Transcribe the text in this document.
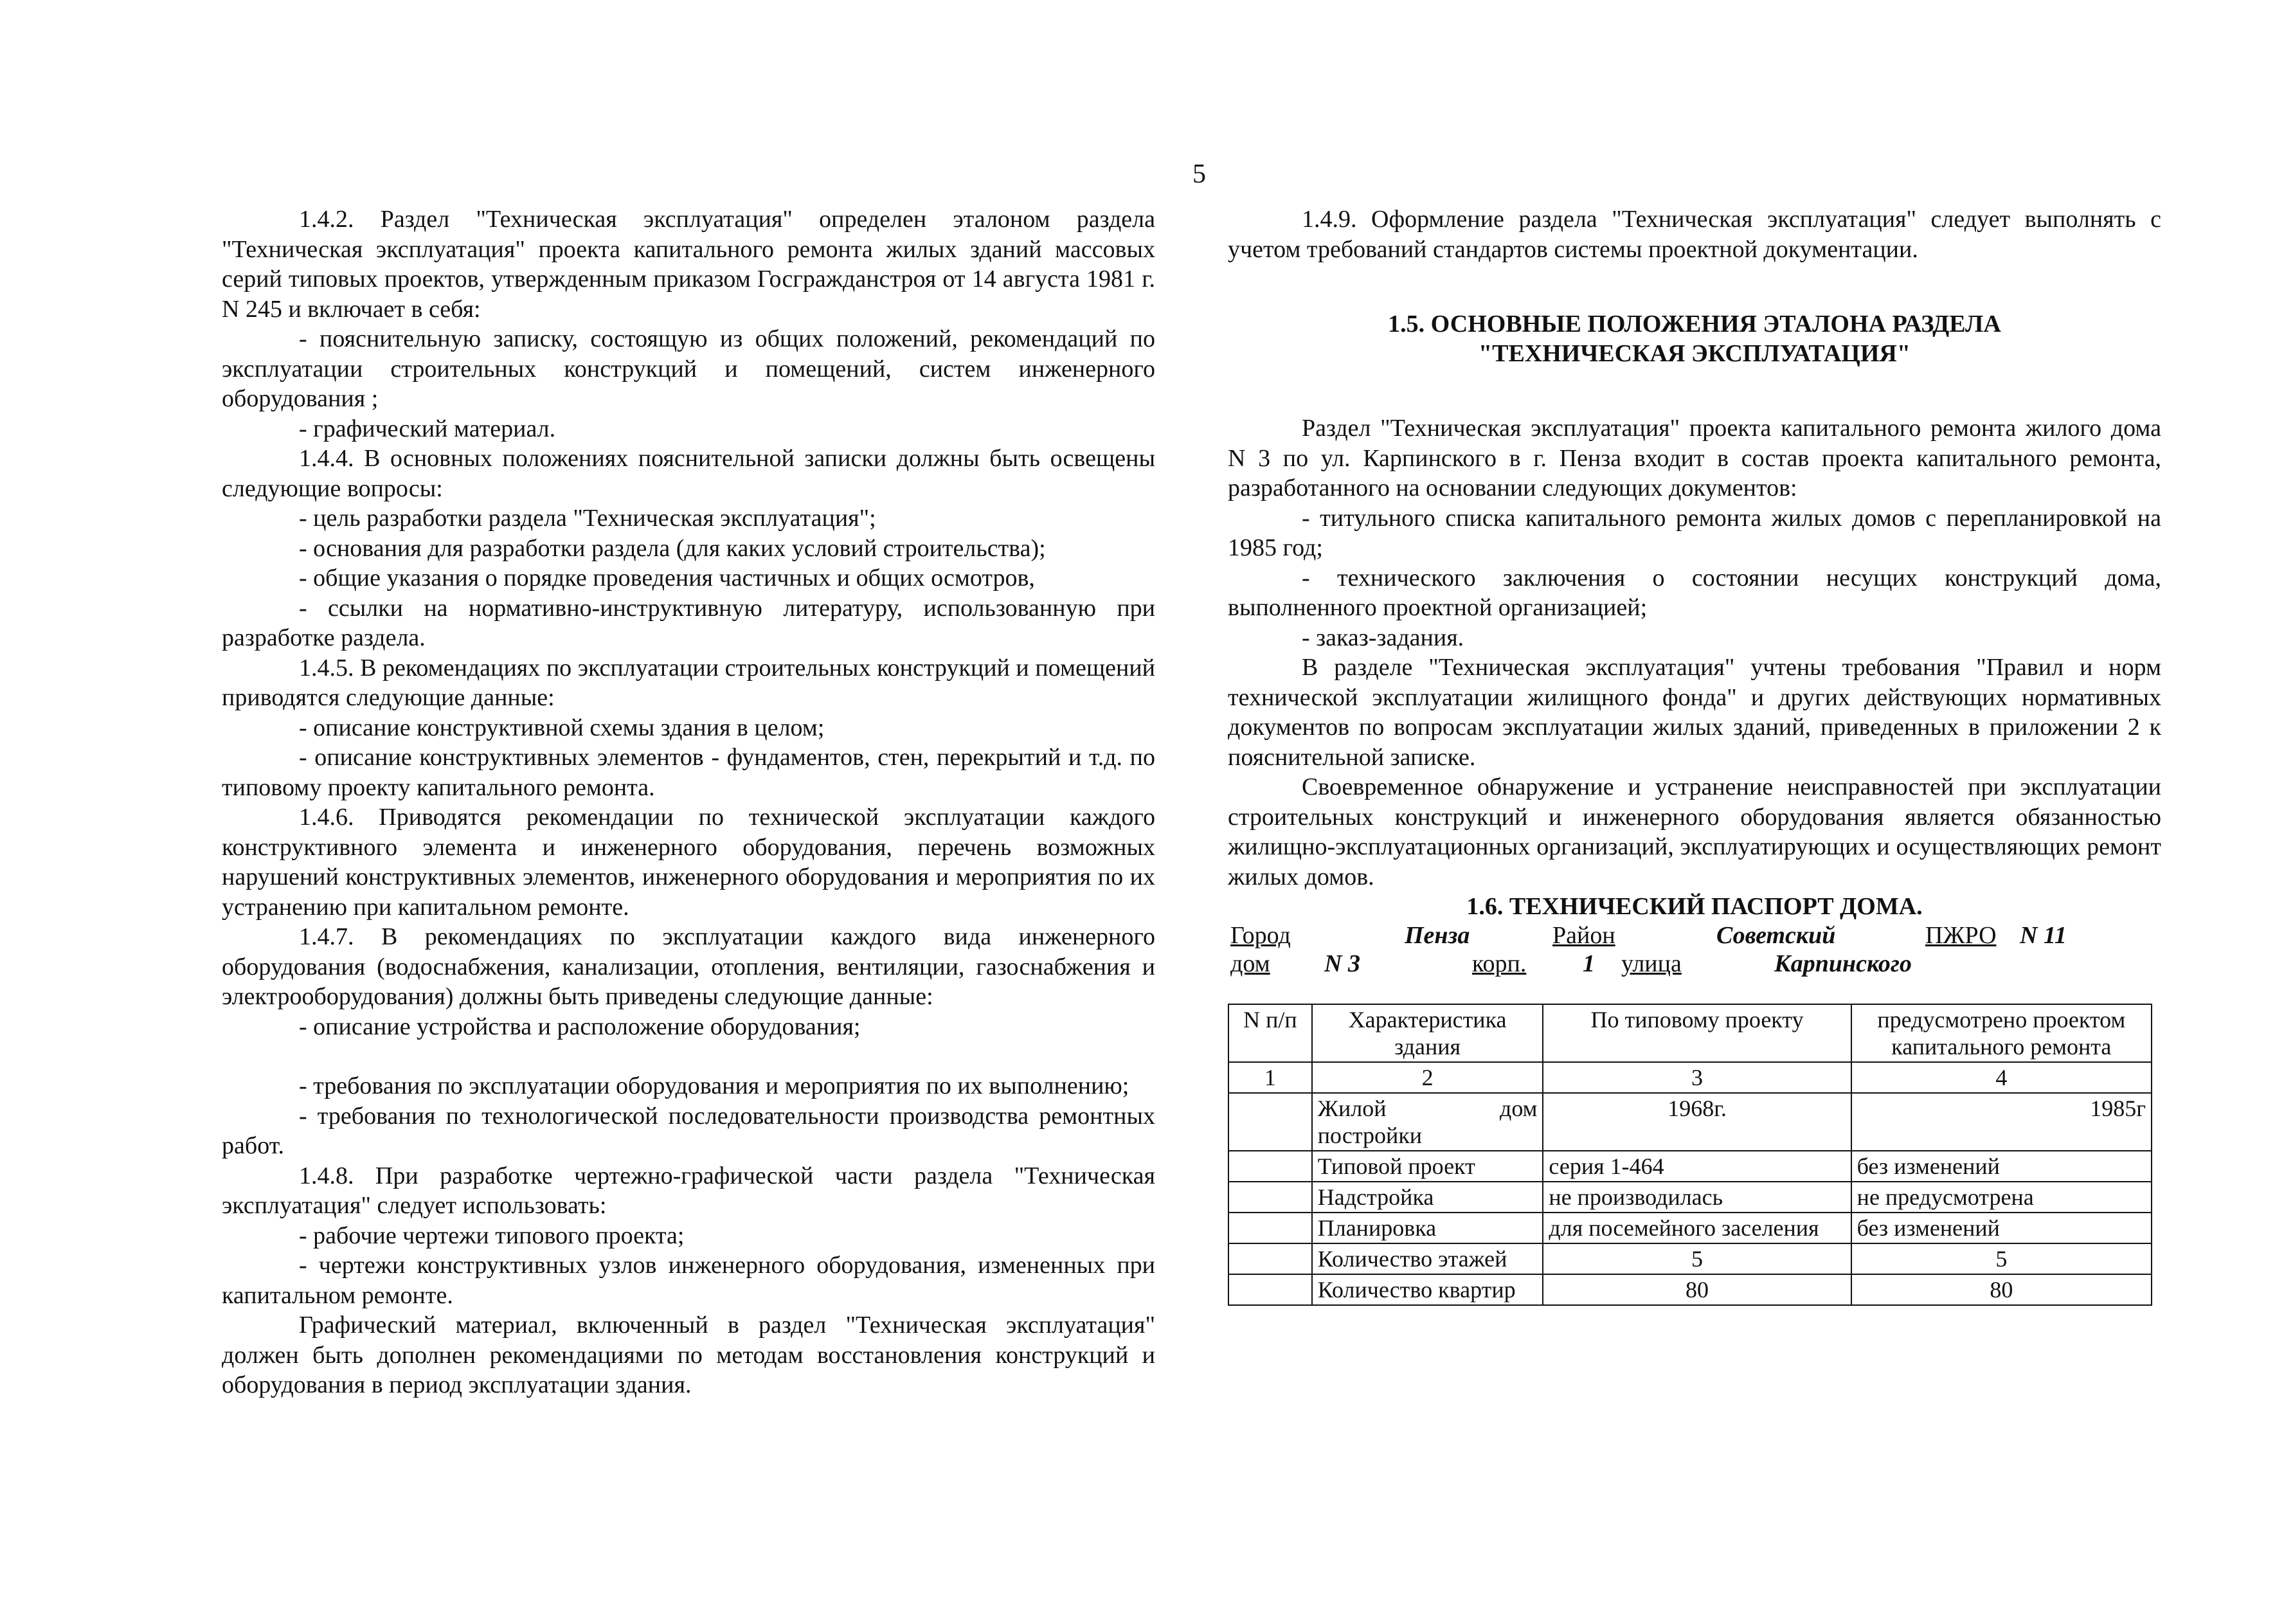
5

1.4.2. Раздел "Техническая эксплуатация" определен эталоном раздела "Техническая эксплуатация" проекта капитального ремонта жилых зданий массовых серий типовых проектов, утвержденным приказом Госгражданстроя от 14 августа 1981 г. N 245 и включает в себя:

- пояснительную записку, состоящую из общих положений, рекомендаций по эксплуатации строительных конструкций и помещений, систем инженерного оборудования ;

- графический материал.

1.4.4. В основных положениях пояснительной записки должны быть освещены следующие вопросы:

- цель разработки раздела "Техническая эксплуатация";

- основания для разработки раздела (для каких условий строительства);

- общие указания о порядке проведения частичных и общих осмотров,

- ссылки на нормативно-инструктивную литературу, использованную при разработке раздела.

1.4.5. В рекомендациях по эксплуатации строительных конструкций и помещений приводятся следующие данные:

- описание конструктивной схемы здания в целом;

- описание конструктивных элементов - фундаментов, стен, перекрытий и т.д. по типовому проекту капитального ремонта.

1.4.6. Приводятся рекомендации по технической эксплуатации каждого конструктивного элемента и инженерного оборудования, перечень возможных нарушений конструктивных элементов, инженерного оборудования и мероприятия по их устранению при капитальном ремонте.

1.4.7. В рекомендациях по эксплуатации каждого вида инженерного оборудования (водоснабжения, канализации, отопления, вентиляции, газоснабжения и электрооборудования) должны быть приведены следующие данные:

- описание устройства и расположение оборудования;

- требования по эксплуатации оборудования и мероприятия по их выполнению;

- требования по технологической последовательности производства ремонтных работ.

1.4.8. При разработке чертежно-графической части раздела "Техническая эксплуатация" следует использовать:

- рабочие чертежи типового проекта;

- чертежи конструктивных узлов инженерного оборудования, измененных при капитальном ремонте.

Графический материал, включенный в раздел "Техническая эксплуатация" должен быть дополнен рекомендациями по методам восстановления конструкций и оборудования в период эксплуатации здания.

1.4.9. Оформление раздела "Техническая эксплуатация" следует выполнять с учетом требований стандартов системы проектной документации.

1.5. ОСНОВНЫЕ ПОЛОЖЕНИЯ ЭТАЛОНА РАЗДЕЛА

"ТЕХНИЧЕСКАЯ ЭКСПЛУАТАЦИЯ"

Раздел "Техническая эксплуатация" проекта капитального ремонта жилого дома N 3 по ул. Карпинского в г. Пенза входит в состав проекта капитального ремонта, разработанного на основании следующих документов:

- титульного списка капитального ремонта жилых домов с перепланировкой на 1985 год;

- технического заключения о состоянии несущих конструкций дома, выполненного проектной организацией;

- заказ-задания.

В разделе "Техническая эксплуатация" учтены требования "Правил и норм технической эксплуатации жилищного фонда" и других действующих нормативных документов по вопросам эксплуатации жилых зданий, приведенных в приложении 2 к пояснительной записке.

Своевременное обнаружение и устранение неисправностей при эксплуатации строительных конструкций и инженерного оборудования является обязанностью жилищно-эксплуатационных организаций, эксплуатирующих и осуществляющих ремонт жилых домов.

1.6. ТЕХНИЧЕСКИЙ ПАСПОРТ ДОМА.

Город	Пенза	Район	Советский	ПЖРО N 11
дом N 3	корп. 1 улица	Карпинского
N п/п	Характеристика здания	По типовому проекту	предусмотрено проектом капитального ремонта
1	2	3	4
	Жилой дом постройки	1968г.	1985г
	Типовой проект	серия 1-464	без изменений
	Надстройка	не производилась	не предусмотрена
	Планировка	для посемейного заселения	без изменений
	Количество этажей	5	5
	Количество квартир	80	80
